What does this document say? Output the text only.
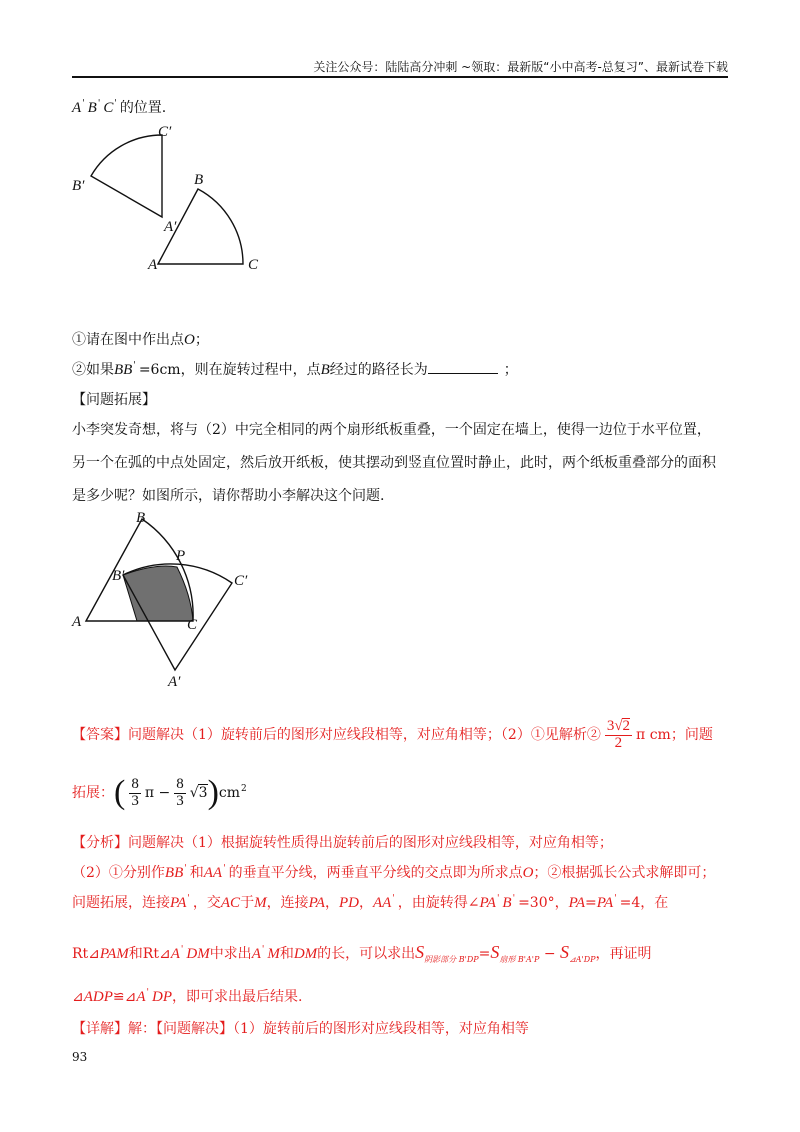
关注公众号：陆陆高分冲刺 ~领取：最新版“小中高考-总复习”、最新试卷下载
A' B' C' 的位置.
C′
B′
A′
B
A	C
①请在图中作出点O；
②如果BB' =6cm，则在旋转过程中，点B经过的路径长为	；
【问题拓展】
小李突发奇想，将与（2）中完全相同的两个扇形纸板重叠，一个固定在墙上，使得一边位于水平位置，
另一个在弧的中点处固定，然后放开纸板，使其摆动到竖直位置时静止，此时，两个纸板重叠部分的面积
是多少呢？如图所示，请你帮助小李解决这个问题.
B
P
B′	C′
A	C
A′
【答案】问题解决（1）旋转前后的图形对应线段相等，对应角相等；（2）①见解析② $\frac{3√2}{2}$ π cm；问题
拓展：( $\frac{8}{3}$ $\pi - \frac{8}{3} √3)cm^2$
【分析】问题解决（1）根据旋转性质得出旋转前后的图形对应线段相等，对应角相等；
（2）①分别作BB' 和AA' 的垂直平分线，两垂直平分线的交点即为所求点O；②根据弧长公式求解即可；
问题拓展，连接PA' ，交AC于M，连接PA，PD，AA' ，由旋转得∠PA' B' =30°，PA=PA' =4，在
Rt⊿PAM和Rt⊿A' DM中求出A' M和DM的长，可以求出$S_{阴影部分 B'DP}=S_{扇形 B'A'P} - S_{⊿A'DP}$，再证明
⊿ADP≌⊿A' DP，即可求出最后结果.
【详解】解：【问题解决】（1）旋转前后的图形对应线段相等，对应角相等
93
